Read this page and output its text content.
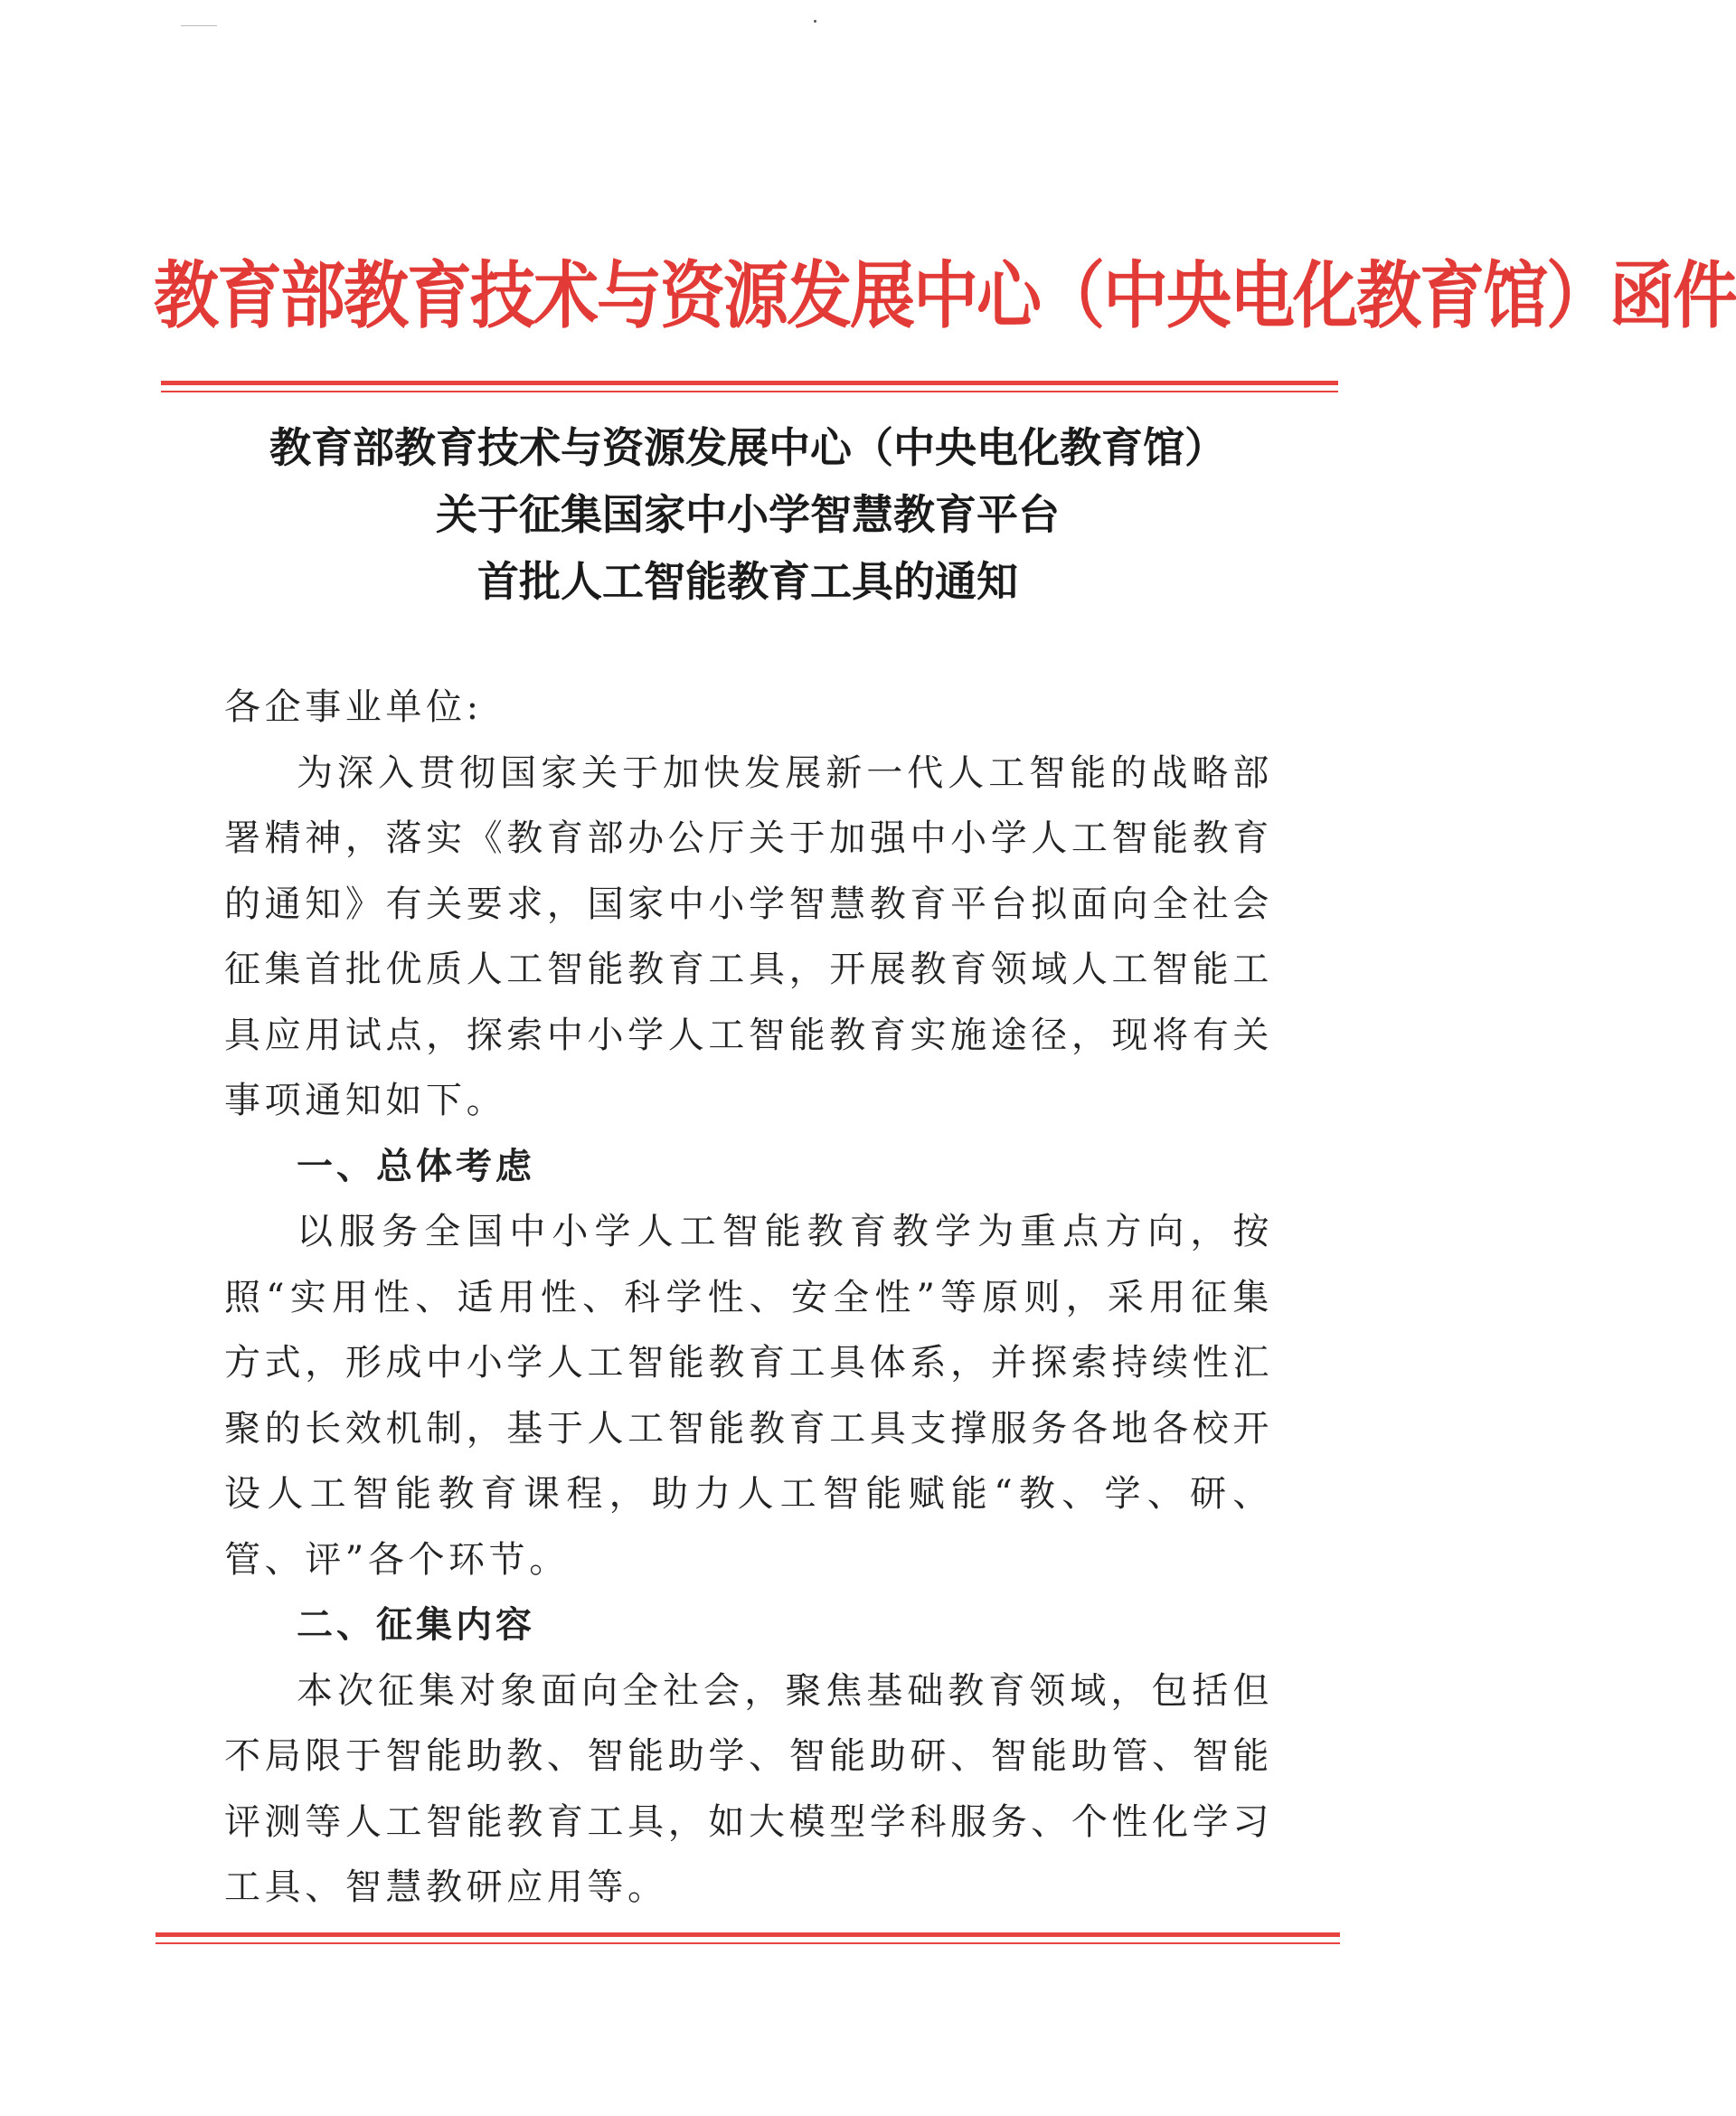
教育部教育技术与资源发展中心（中央电化教育馆）函件
教育部教育技术与资源发展中心（中央电化教育馆）
关于征集国家中小学智慧教育平台
首批人工智能教育工具的通知

各企事业单位:

为深入贯彻国家关于加快发展新一代人工智能的战略部署精神，落实《教育部办公厅关于加强中小学人工智能教育的通知》有关要求，国家中小学智慧教育平台拟面向全社会征集首批优质人工智能教育工具，开展教育领域人工智能工具应用试点，探索中小学人工智能教育实施途径，现将有关事项通知如下。

一、总体考虑

以服务全国中小学人工智能教育教学为重点方向，按照“实用性、适用性、科学性、安全性”等原则，采用征集方式，形成中小学人工智能教育工具体系，并探索持续性汇聚的长效机制，基于人工智能教育工具支撑服务各地各校开设人工智能教育课程，助力人工智能赋能“教、学、研、管、评”各个环节。

二、征集内容

本次征集对象面向全社会，聚焦基础教育领域，包括但不局限于智能助教、智能助学、智能助研、智能助管、智能评测等人工智能教育工具，如大模型学科服务、个性化学习工具、智慧教研应用等。
